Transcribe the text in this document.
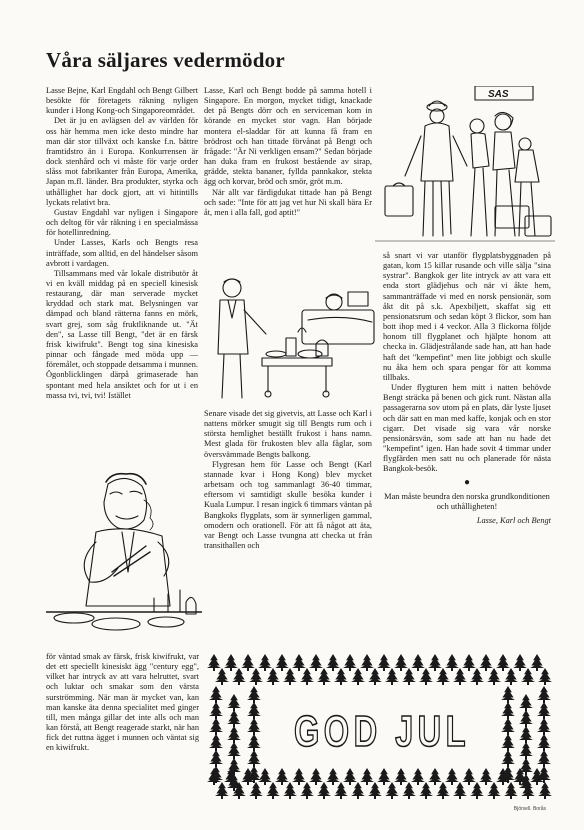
Våra säljares vedermödor

Lasse Bejne, Karl Engdahl och Bengt Gilbert besökte för företagets räkning nyligen kunder i Hong Kong-och Singaporeområdet.

Det är ju en avlägsen del av världen för oss här hemma men icke desto mindre har man där stor tillväxt och kanske f.n. bättre framtidstro än i Europa. Konkurrensen är dock stenhård och vi måste för varje order slåss mot fabrikanter från Europa, Amerika, Japan m.fl. länder. Bra produkter, styrka och uthållighet har dock gjort, att vi hitintills lyckats relativt bra.

Gustav Engdahl var nyligen i Singapore och deltog för vår räkning i en specialmässa för hotellinredning.

Under Lasses, Karls och Bengts resa inträffade, som alltid, en del händelser såsom avbrott i vardagen.

Tillsammans med vår lokale distributör åt vi en kväll middag på en speciell kinesisk restaurang, där man serverade mycket kryddad och stark mat. Belysningen var dämpad och bland rätterna fanns en mörk, svart grej, som såg fruktliknande ut. "Ät den", sa Lasse till Bengt, "det är en färsk frisk kiwifrukt". Bengt tog sina kinesiska pinnar och fångade med möda upp — föremålet, och stoppade detsamma i munnen. Ögonblicklingen därpå grimaserade han spontant med hela ansiktet och for ut i en massa tvi, tvi, tvi! Istället

för väntad smak av färsk, frisk kiwifrukt, var det ett speciellt kinesiskt ägg "century egg", vilket har intryck av att vara helruttet, svart och luktar och smakar som den värsta surströmming. När man är mycket van, kan man kanske äta denna specialitet med ginger till, men många gillar det inte alls och man kan förstå, att Bengt reagerade starkt, när han fick det ruttna ägget i munnen och väntat sig en kiwifrukt.

Lasse, Karl och Bengt bodde på samma hotell i Singapore. En morgon, mycket tidigt, knackade det på Bengts dörr och en serviceman kom in körande en mycket stor vagn. Han började montera el-sladdar för att kunna få fram en brödrost och han tittade förvånat på Bengt och frågade: "Är Ni verkligen ensam?" Sedan började han duka fram en frukost bestående av sirap, grädde, stekta bananer, fyllda pannkakor, stekta ägg och korvar, bröd och smör, gröt m.m.

När allt var färdigdukat tittade han på Bengt och sade: "Inte för att jag vet hur Ni skall bära Er åt, men i alla fall, god aptit!"

Senare visade det sig givetvis, att Lasse och Karl i nattens mörker smugit sig till Bengts rum och i största hemlighet beställt frukost i hans namn. Mest glada för frukosten blev alla fåglar, som översvämmade Bengts balkong.

Flygresan hem för Lasse och Bengt (Karl stannade kvar i Hong Kong) blev mycket arbetsam och tog sammanlagt 36-40 timmar, eftersom vi samtidigt skulle besöka kunder i Kuala Lumpur. I resan ingick 6 timmars väntan på Bangkoks flygplats, som är synnerligen gammal, omodern och orationell. För att få något att äta, var Bengt och Lasse tvungna att checka ut från transithallen och

så snart vi var utanför flygplatsbyggnaden på gatan, kom 15 killar rusande och ville sälja "sina systrar". Bangkok ger lite intryck av att vara ett enda stort glädjehus och när vi åkte hem, sammanträffade vi med en norsk pensionär, som åkt dit på s.k. Apexbiljett, skaffat sig ett pensionatsrum och sedan köpt 3 flickor, som han bott ihop med i 4 veckor. Alla 3 flickorna följde honom till flygplanet och hjälpte honom att checka in. Glädjestrålande sade han, att han hade haft det "kempefint" men lite jobbigt och skulle nu åka hem och spara pengar för att komma tillbaks.

Under flygturen hem mitt i natten behövde Bengt sträcka på benen och gick runt. Nästan alla passagerarna sov utom på en plats, där lyste ljuset och där satt en man med kaffe, konjak och en stor cigarr. Det visade sig vara vår norske pensionärsvän, som sade att han nu hade det "kempefint" igen. Han hade sovit 4 timmar under flygfärden men satt nu och planerade för nästa Bangkok-besök.

●

Man måste beundra den norska grundkonditionen och uthålligheten!

Lasse, Karl och Bengt

SAS
GOD JUL
Björsell. Borås
